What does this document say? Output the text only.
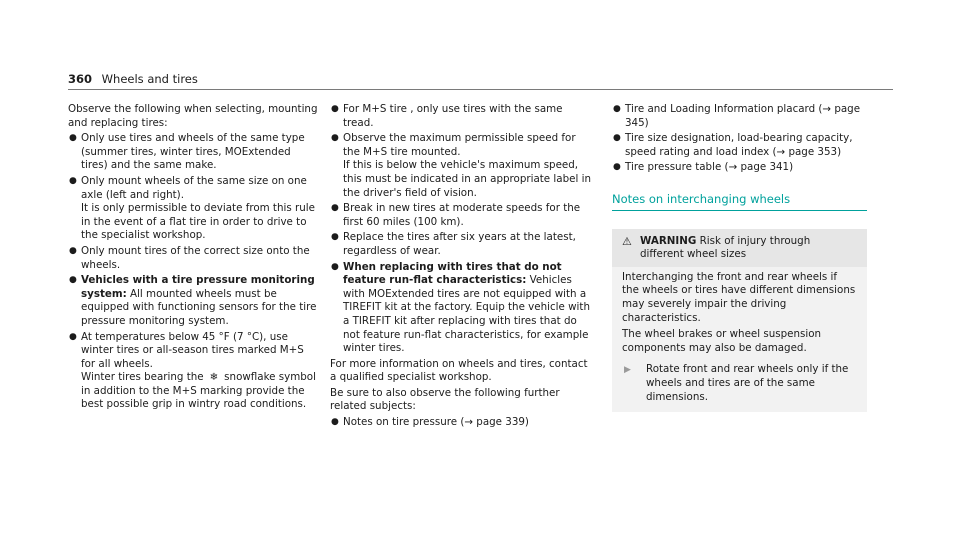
360 Wheels and tires

Observe the following when selecting, mounting and replacing tires:

● Only use tires and wheels of the same type (summer tires, winter tires, MOExtended tires) and the same make.
● Only mount wheels of the same size on one axle (left and right).

It is only permissible to deviate from this rule in the event of a flat tire in order to drive to the specialist workshop.

● Only mount tires of the correct size onto the wheels.
● Vehicles with a tire pressure monitoring system: All mounted wheels must be equipped with functioning sensors for the tire pressure monitoring system.
● At temperatures below 45 °F (7 °C), use winter tires or all-season tires marked M+S for all wheels.

Winter tires bearing the ❄ snowflake symbol in addition to the M+S marking provide the best possible grip in wintry road conditions.

● For M+S tire , only use tires with the same tread.
● Observe the maximum permissible speed for the M+S tire mounted.

If this is below the vehicle's maximum speed, this must be indicated in an appropriate label in the driver's field of vision.

● Break in new tires at moderate speeds for the first 60 miles (100 km).
● Replace the tires after six years at the latest, regardless of wear.
● When replacing with tires that do not feature run-flat characteristics: Vehicles with MOExtended tires are not equipped with a TIREFIT kit at the factory. Equip the vehicle with a TIREFIT kit after replacing with tires that do not feature run-flat characteristics, for example winter tires.

For more information on wheels and tires, contact a qualified specialist workshop.

Be sure to also observe the following further related subjects:

● Notes on tire pressure (→ page 339)
● Tire and Loading Information placard (→ page 345)
● Tire size designation, load-bearing capacity, speed rating and load index (→ page 353)
● Tire pressure table (→ page 341)
Notes on interchanging wheels
⚠ WARNING Risk of injury through different wheel sizes

Interchanging the front and rear wheels if the wheels or tires have different dimensions may severely impair the driving characteristics.

The wheel brakes or wheel suspension components may also be damaged.

▶ Rotate front and rear wheels only if the wheels and tires are of the same dimensions.
